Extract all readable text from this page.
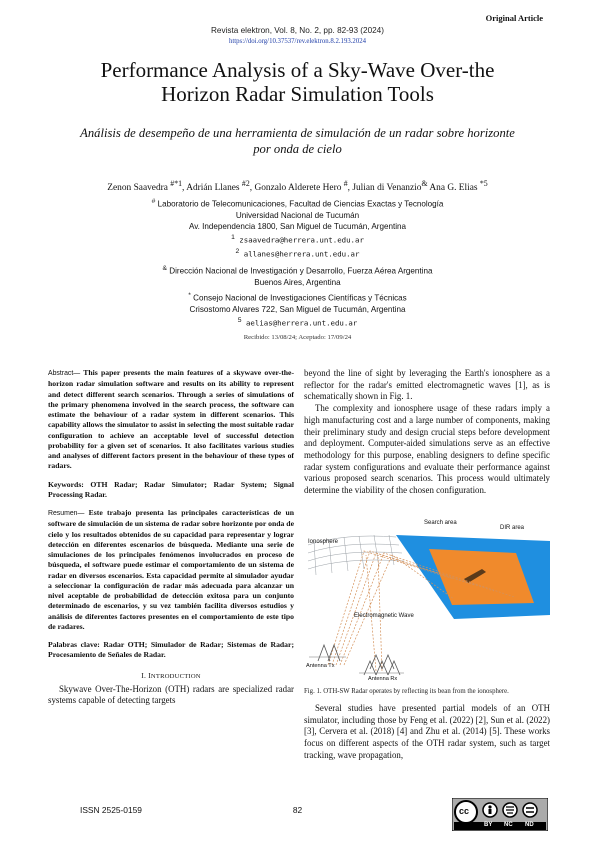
Original Article
Revista elektron, Vol. 8, No. 2, pp. 82-93 (2024)
https://doi.org/10.37537/rev.elektron.8.2.193.2024
Performance Analysis of a Sky-Wave Over-the
Horizon Radar Simulation Tools
Análisis de desempeño de una herramienta de simulación de un radar sobre horizonte
por onda de cielo
Zenon Saavedra $^{\#*1}$, Adrián Llanes $^{\#2}$, Gonzalo Alderete Hero #, Julian di Venanzio& Ana G. Elias $^{*5}$
# Laboratorio de Telecomunicaciones, Facultad de Ciencias Exactas y Tecnología
Universidad Nacional de Tucumán
Av. Independencia 1800, San Miguel de Tucumán, Argentina
$^1$ zsaavedra@herrera.unt.edu.ar
$^2$ allanes@herrera.unt.edu.ar
& Dirección Nacional de Investigación y Desarrollo, Fuerza Aérea Argentina
Buenos Aires, Argentina
* Consejo Nacional de Investigaciones Científicas y Técnicas
Crisostomo Alvares 722, San Miguel de Tucumán, Argentina
$^5$ aelias@herrera.unt.edu.ar
Recibido: 13/08/24; Aceptado: 17/09/24

Abstract— This paper presents the main features of a skywave over-the-horizon radar simulation software and results on its ability to represent and detect different search scenarios. Through a series of simulations of the primary phenomena involved in the search process, the software can estimate the behaviour of a radar system in different scenarios. This capability allows the simulator to assist in selecting the most suitable radar configuration to achieve an acceptable level of successful detection probability for a given set of scenarios. It also facilitates various studies and analyses of different factors present in the behaviour of these types of radars.

Keywords: OTH Radar; Radar Simulator; Radar System; Signal Processing Radar.

Resumen— Este trabajo presenta las principales características de un software de simulación de un sistema de radar sobre horizonte por onda de cielo y los resultados obtenidos de su capacidad para representar y lograr detección en diferentes escenarios de búsqueda. Mediante una serie de simulaciones de los principales fenómenos involucrados en proceso de búsqueda, el software puede estimar el comportamiento de un sistema de radar en diversos escenarios. Esta capacidad permite al simulador ayudar a seleccionar la configuración de radar más adecuada para alcanzar un nivel aceptable de probabilidad de detección exitosa para un conjunto determinado de escenarios, y su vez también facilita diversos estudios y análisis de diferentes factores presentes en el comportamiento de este tipo de radares.

Palabras clave: Radar OTH; Simulador de Radar; Sistemas de Radar; Procesamiento de Señales de Radar.

I. INTRODUCTION

Skywave Over-The-Horizon (OTH) radars are specialized radar systems capable of detecting targets

beyond the line of sight by leveraging the Earth's ionosphere as a reflector for the radar's emitted electromagnetic waves [1], as is schematically shown in Fig. 1.

The complexity and ionosphere usage of these radars imply a high manufacturing cost and a large number of components, making their preliminary study and design crucial steps before development and deployment. Computer-aided simulations serve as an effective methodology for this purpose, enabling designers to define specific radar system configurations and evaluate their performance against various proposed search scenarios. This process would ultimately determine the viability of the chosen configuration.

Search area
DIR area
Ionosphere
Electromagnetic Wave
Antenna Tx
Antenna Rx
Fig. 1. OTH-SW Radar operates by reflecting its bean from the ionosphere.

Several studies have presented partial models of an OTH simulator, including those by Feng et al. (2022) [2], Sun et al. (2022) [3], Cervera et al. (2018) [4] and Zhu et al. (2014) [5]. These works focus on different aspects of the OTH radar system, such as target tracking, wave propagation,

ISSN 2525-0159	82	cc
BY NC ND
